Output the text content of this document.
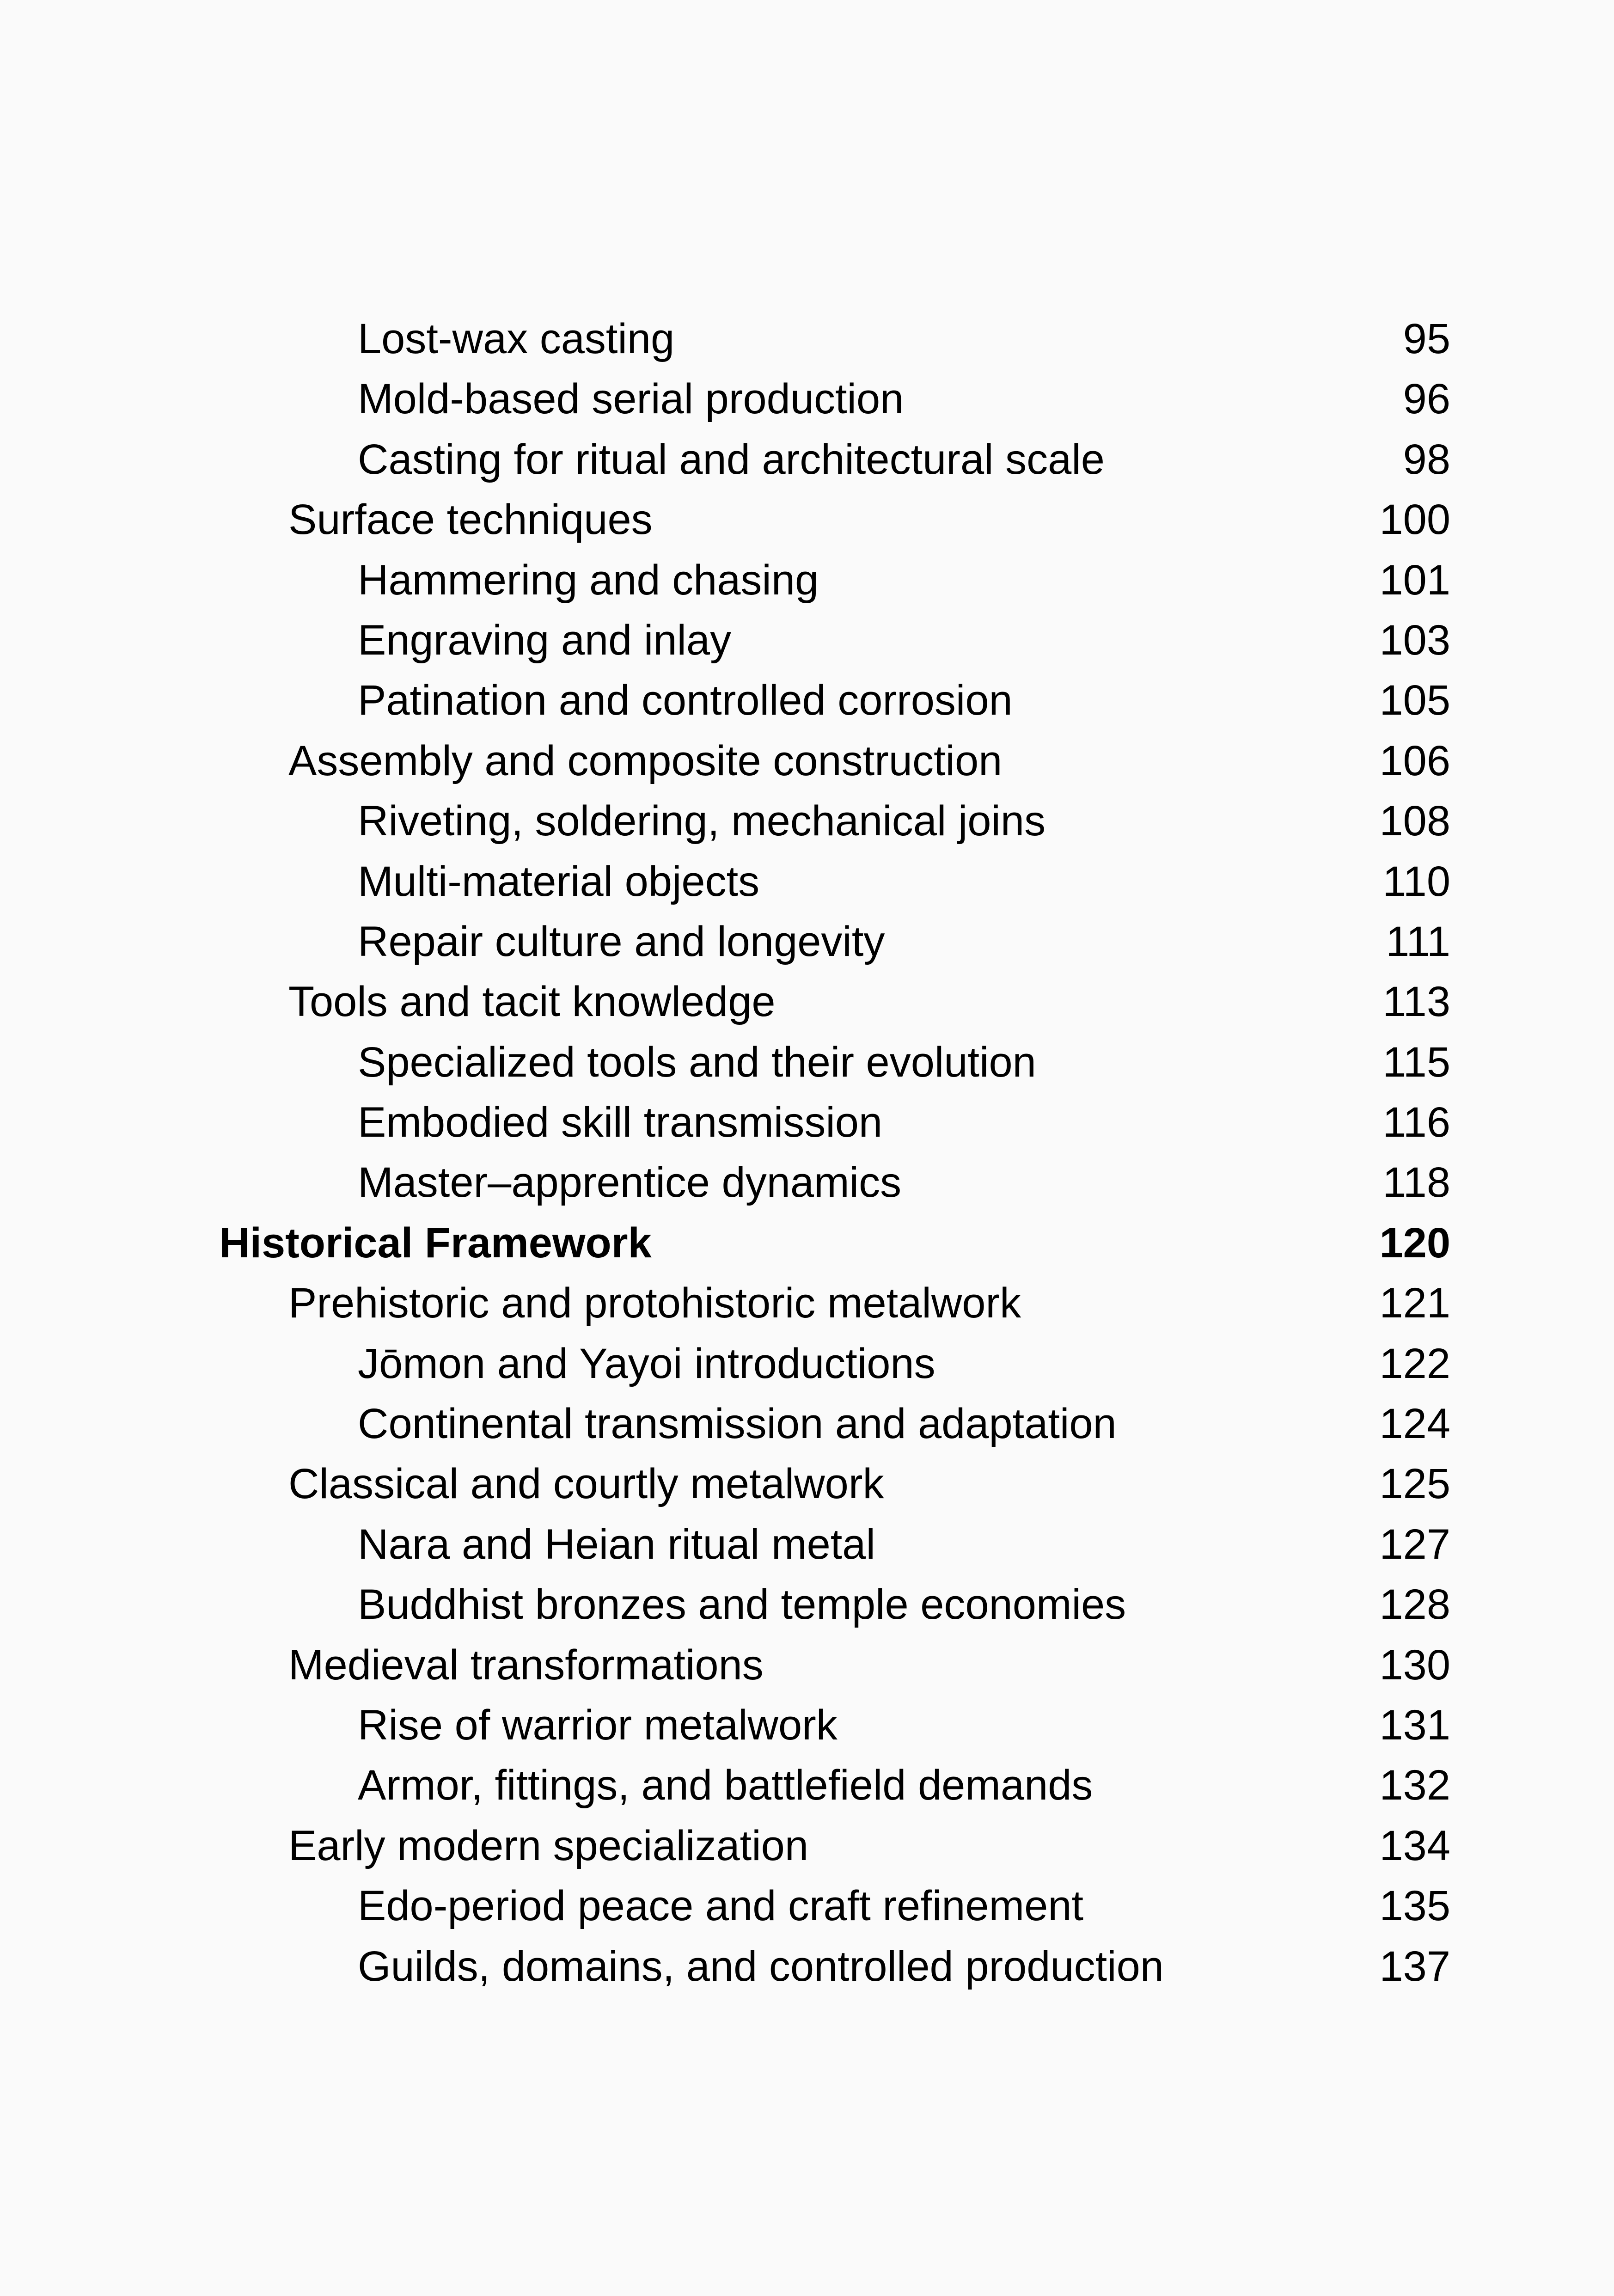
Lost-wax casting	95
Mold-based serial production	96
Casting for ritual and architectural scale	98
Surface techniques	100
Hammering and chasing	101
Engraving and inlay	103
Patination and controlled corrosion	105
Assembly and composite construction	106
Riveting, soldering, mechanical joins	108
Multi-material objects	110
Repair culture and longevity	111
Tools and tacit knowledge	113
Specialized tools and their evolution	115
Embodied skill transmission	116
Master–apprentice dynamics	118
Historical Framework	120
Prehistoric and protohistoric metalwork	121
Jōmon and Yayoi introductions	122
Continental transmission and adaptation	124
Classical and courtly metalwork	125
Nara and Heian ritual metal	127
Buddhist bronzes and temple economies	128
Medieval transformations	130
Rise of warrior metalwork	131
Armor, fittings, and battlefield demands	132
Early modern specialization	134
Edo-period peace and craft refinement	135
Guilds, domains, and controlled production	137
